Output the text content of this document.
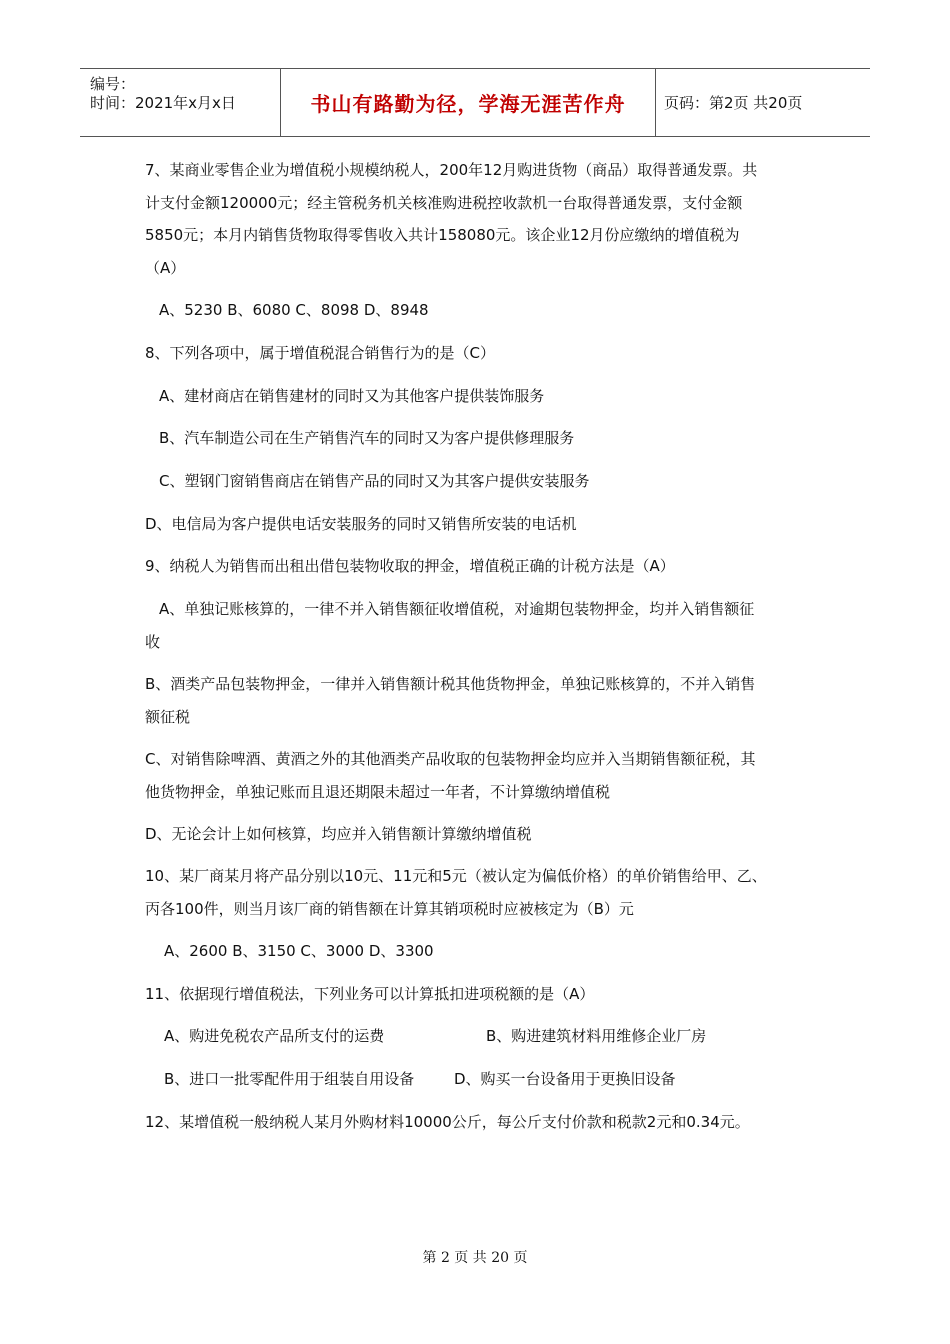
编号：
时间：2021年x月x日	书山有路勤为径，学海无涯苦作舟	页码：第2页 共20页
7、某商业零售企业为增值税小规模纳税人，200年12月购进货物（商品）取得普通发票。共
计支付金额120000元；经主管税务机关核准购进税控收款机一台取得普通发票，支付金额
5850元；本月内销售货物取得零售收入共计158080元。该企业12月份应缴纳的增值税为
（A）
A、5230 B、6080 C、8098 D、8948
8、下列各项中，属于增值税混合销售行为的是（C）
A、建材商店在销售建材的同时又为其他客户提供装饰服务
B、汽车制造公司在生产销售汽车的同时又为客户提供修理服务
C、塑钢门窗销售商店在销售产品的同时又为其客户提供安装服务
D、电信局为客户提供电话安装服务的同时又销售所安装的电话机
9、纳税人为销售而出租出借包装物收取的押金，增值税正确的计税方法是（A）
A、单独记账核算的，一律不并入销售额征收增值税，对逾期包装物押金，均并入销售额征
收
B、酒类产品包装物押金，一律并入销售额计税其他货物押金，单独记账核算的，不并入销售
额征税
C、对销售除啤酒、黄酒之外的其他酒类产品收取的包装物押金均应并入当期销售额征税，其
他货物押金，单独记账而且退还期限未超过一年者，不计算缴纳增值税
D、无论会计上如何核算，均应并入销售额计算缴纳增值税
10、某厂商某月将产品分别以10元、11元和5元（被认定为偏低价格）的单价销售给甲、乙、
丙各100件，则当月该厂商的销售额在计算其销项税时应被核定为（B）元
A、2600 B、3150 C、3000 D、3300
11、依据现行增值税法，下列业务可以计算抵扣进项税额的是（A）
A、购进免税农产品所支付的运费	B、购进建筑材料用维修企业厂房
B、进口一批零配件用于组装自用设备	D、购买一台设备用于更换旧设备
12、某增值税一般纳税人某月外购材料10000公斤，每公斤支付价款和税款2元和0.34元。
第 2 页 共 20 页
